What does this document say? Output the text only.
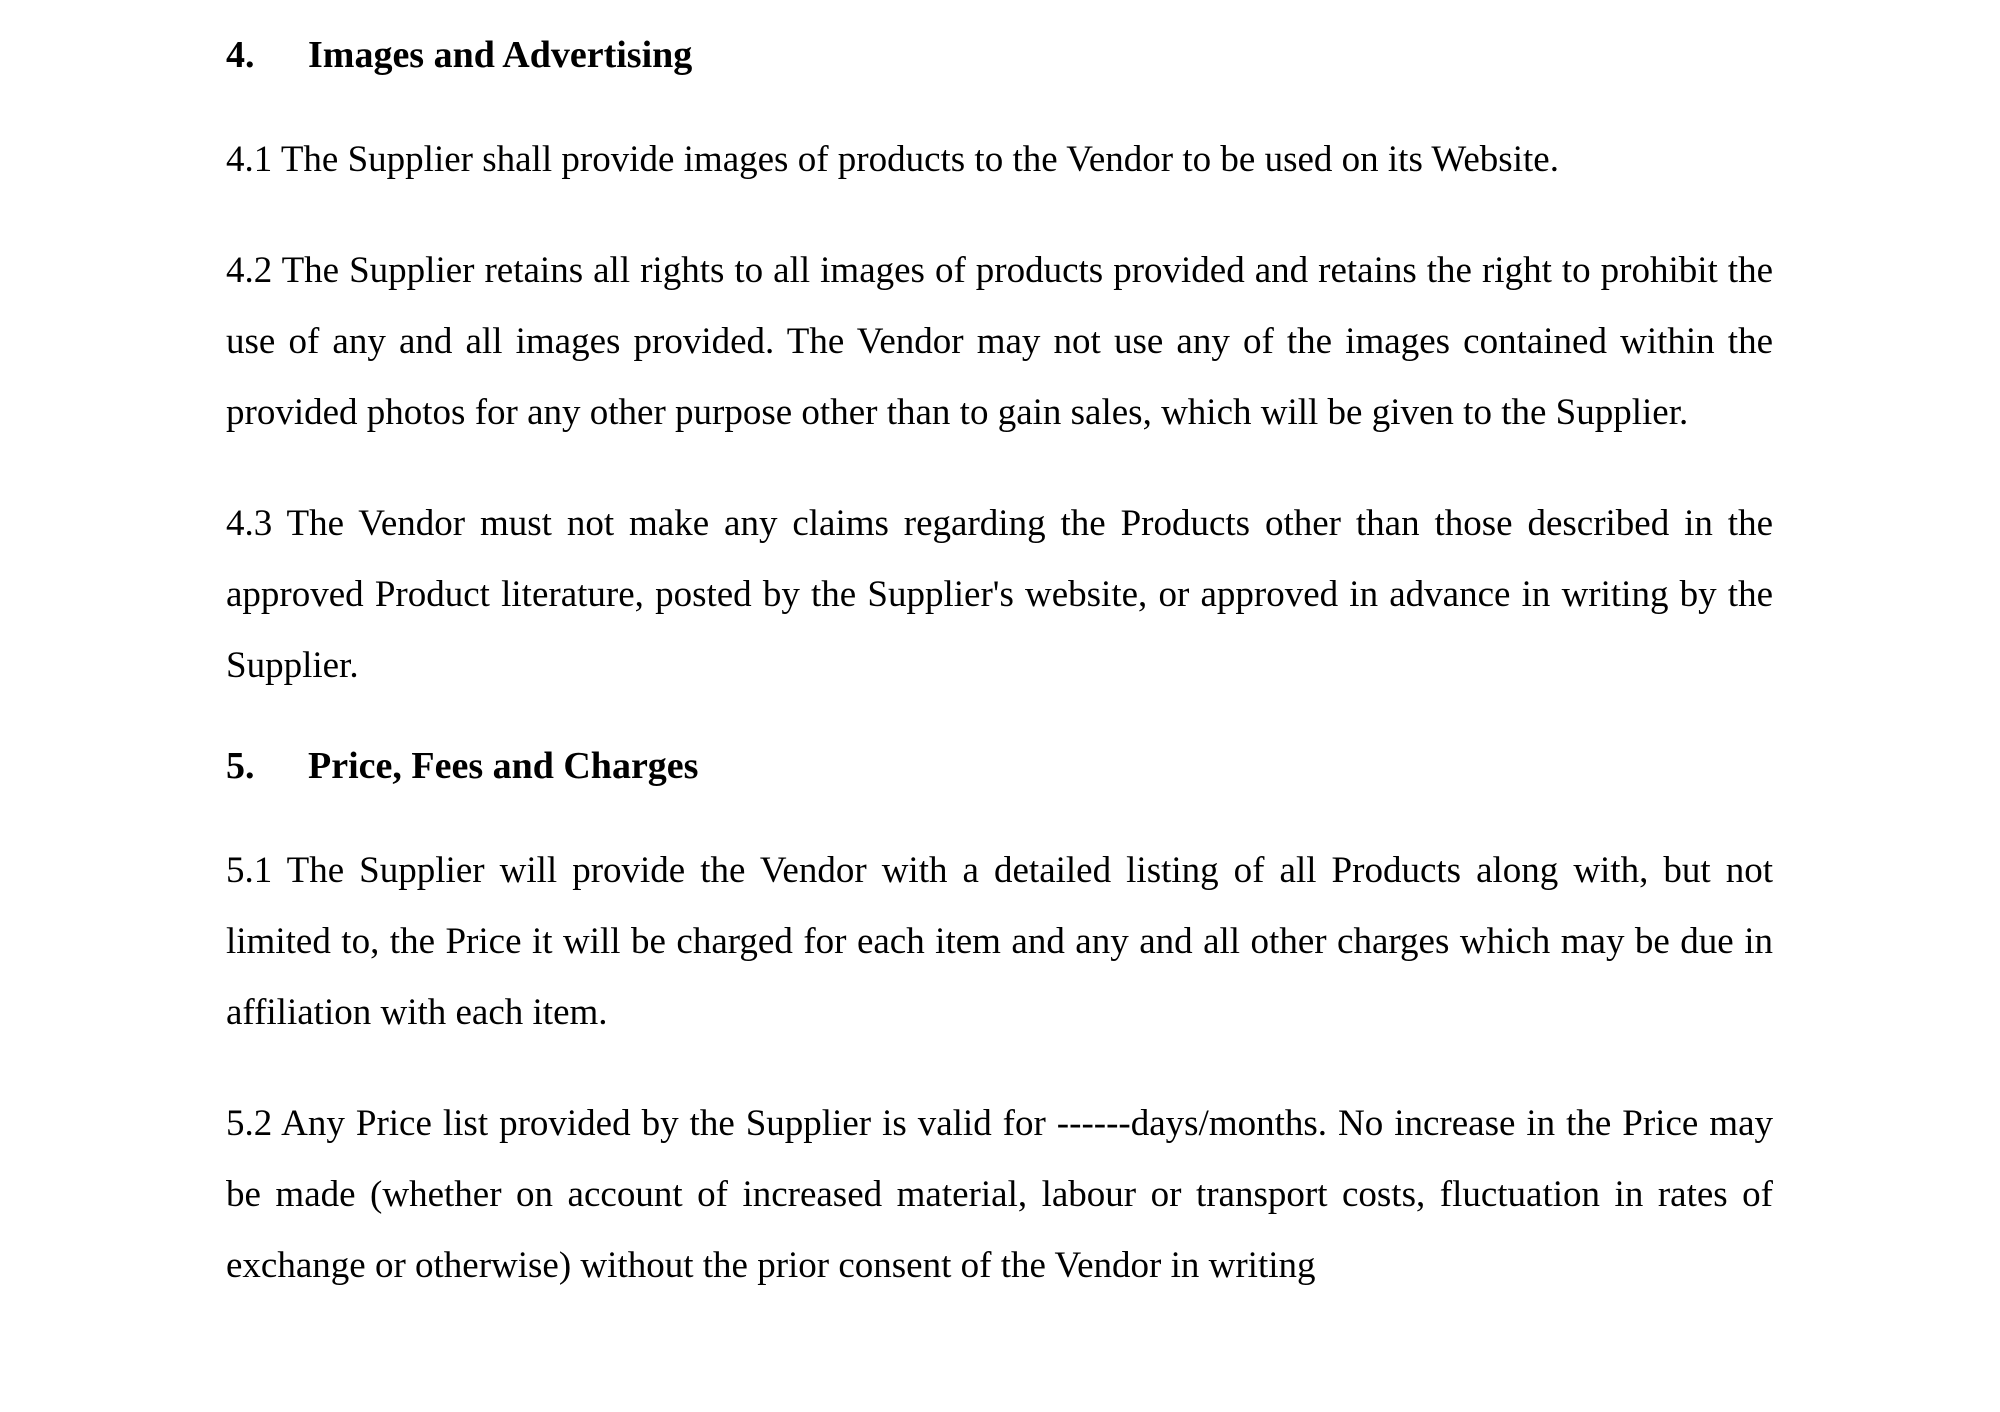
4.	Images and Advertising

4.1 The Supplier shall provide images of products to the Vendor to be used on its Website.

4.2 The Supplier retains all rights to all images of products provided and retains the right to prohibit the use of any and all images provided. The Vendor may not use any of the images contained within the provided photos for any other purpose other than to gain sales, which will be given to the Supplier.

4.3 The Vendor must not make any claims regarding the Products other than those described in the approved Product literature, posted by the Supplier's website, or approved in advance in writing by the Supplier.

5.	Price, Fees and Charges

5.1 The Supplier will provide the Vendor with a detailed listing of all Products along with, but not limited to, the Price it will be charged for each item and any and all other charges which may be due in affiliation with each item.

5.2 Any Price list provided by the Supplier is valid for ------days/months. No increase in the Price may be made (whether on account of increased material, labour or transport costs, fluctuation in rates of exchange or otherwise) without the prior consent of the Vendor in writing
